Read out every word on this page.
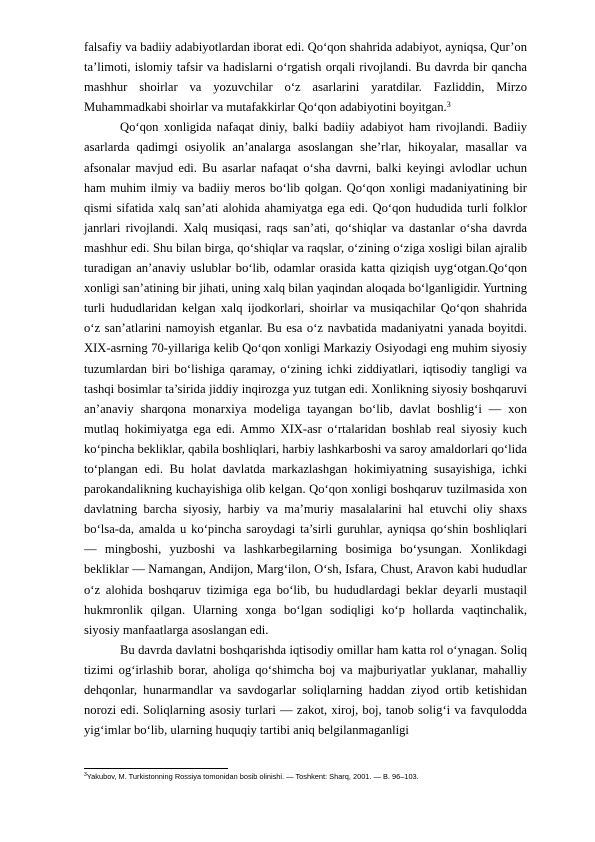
falsafiy va badiiy adabiyotlardan iborat edi. Qo‘qon shahrida adabiyot, ayniqsa, Qur’on ta’limoti, islomiy tafsir va hadislarni o‘rgatish orqali rivojlandi. Bu davrda bir qancha mashhur shoirlar va yozuvchilar o‘z asarlarini yaratdilar. Fazliddin, Mirzo Muhammadkabi shoirlar va mutafakkirlar Qo‘qon adabiyotini boyitgan.$^3$

Qo‘qon xonligida nafaqat diniy, balki badiiy adabiyot ham rivojlandi. Badiiy asarlarda qadimgi osiyolik an’analarga asoslangan she’rlar, hikoyalar, masallar va afsonalar mavjud edi. Bu asarlar nafaqat o‘sha davrni, balki keyingi avlodlar uchun ham muhim ilmiy va badiiy meros bo‘lib qolgan. Qo‘qon xonligi madaniyatining bir qismi sifatida xalq san’ati alohida ahamiyatga ega edi. Qo‘qon hududida turli folklor janrlari rivojlandi. Xalq musiqasi, raqs san’ati, qo‘shiqlar va dastanlar o‘sha davrda mashhur edi. Shu bilan birga, qo‘shiqlar va raqslar, o‘zining o‘ziga xosligi bilan ajralib turadigan an’anaviy uslublar bo‘lib, odamlar orasida katta qiziqish uyg‘otgan.Qo‘qon xonligi san’atining bir jihati, uning xalq bilan yaqindan aloqada bo‘lganligidir. Yurtning turli hududlaridan kelgan xalq ijodkorlari, shoirlar va musiqachilar Qo‘qon shahrida o‘z san’atlarini namoyish etganlar. Bu esa o‘z navbatida madaniyatni yanada boyitdi. XIX-asrning 70-yillariga kelib Qo‘qon xonligi Markaziy Osiyodagi eng muhim siyosiy tuzumlardan biri bo‘lishiga qaramay, o‘zining ichki ziddiyatlari, iqtisodiy tangligi va tashqi bosimlar ta’sirida jiddiy inqirozga yuz tutgan edi. Xonlikning siyosiy boshqaruvi an’anaviy sharqona monarxiya modeliga tayangan bo‘lib, davlat boshlig‘i — xon mutlaq hokimiyatga ega edi. Ammo XIX-asr o‘rtalaridan boshlab real siyosiy kuch ko‘pincha bekliklar, qabila boshliqlari, harbiy lashkarboshi va saroy amaldorlari qo‘lida to‘plangan edi. Bu holat davlatda markazlashgan hokimiyatning susayishiga, ichki parokandalikning kuchayishiga olib kelgan. Qo‘qon xonligi boshqaruv tuzilmasida xon davlatning barcha siyosiy, harbiy va ma’muriy masalalarini hal etuvchi oliy shaxs bo‘lsa-da, amalda u ko‘pincha saroydagi ta’sirli guruhlar, ayniqsa qo‘shin boshliqlari — mingboshi, yuzboshi va lashkarbegilarning bosimiga bo‘ysungan. Xonlikdagi bekliklar — Namangan, Andijon, Marg‘ilon, O‘sh, Isfara, Chust, Aravon kabi hududlar o‘z alohida boshqaruv tizimiga ega bo‘lib, bu hududlardagi beklar deyarli mustaqil hukmronlik qilgan. Ularning xonga bo‘lgan sodiqligi ko‘p hollarda vaqtinchalik, siyosiy manfaatlarga asoslangan edi.

Bu davrda davlatni boshqarishda iqtisodiy omillar ham katta rol o‘ynagan. Soliq tizimi og‘irlashib borar, aholiga qo‘shimcha boj va majburiyatlar yuklanar, mahalliy dehqonlar, hunarmandlar va savdogarlar soliqlarning haddan ziyod ortib ketishidan norozi edi. Soliqlarning asosiy turlari — zakot, xiroj, boj, tanob solig‘i va favqulodda yig‘imlar bo‘lib, ularning huquqiy tartibi aniq belgilanmaganligi

$^3$Yakubov, M. Turkistonning Rossiya tomonidan bosib olinishi. — Toshkent: Sharq, 2001. — B. 96–103.
